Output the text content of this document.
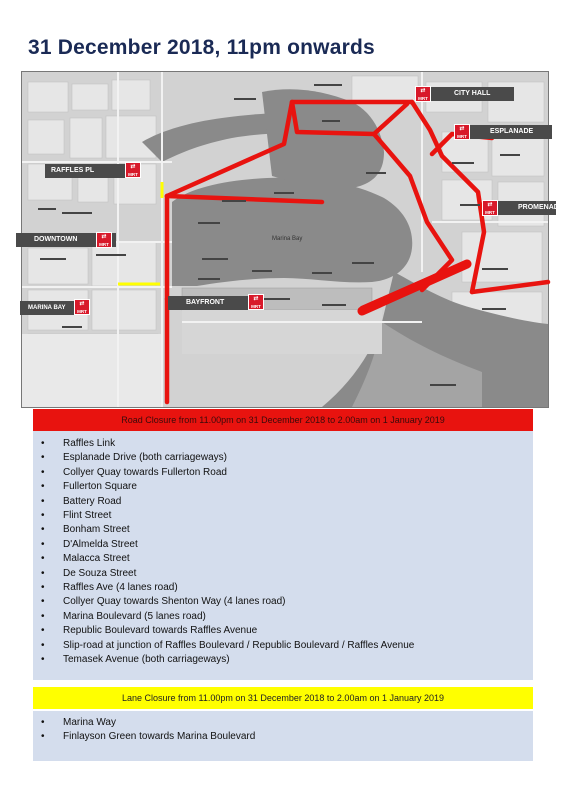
31 December 2018, 11pm onwards
Marina Bay
CITY HALL
⇄
MRT
ESPLANADE
⇄
MRT
RAFFLES PL	⇄
MRT
PROMENADE
⇄
MRT
DOWNTOWN	⇄
MRT
BAYFRONT	⇄
MRT
MARINA BAY
⇄
MRT
Road Closure from 11.00pm on 31 December 2018 to 2.00am on 1 January 2019
• Raffles Link
• Esplanade Drive (both carriageways)
• Collyer Quay towards Fullerton Road
• Fullerton Square
• Battery Road
• Flint Street
• Bonham Street
• D'Almelda Street
• Malacca Street
• De Souza Street
• Raffles Ave (4 lanes road)
• Collyer Quay towards Shenton Way (4 lanes road)
• Marina Boulevard (5 lanes road)
• Republic Boulevard towards Raffles Avenue
• Slip-road at junction of Raffles Boulevard / Republic Boulevard / Raffles Avenue
• Temasek Avenue (both carriageways)
Lane Closure from 11.00pm on 31 December 2018 to 2.00am on 1 January 2019
• Marina Way
• Finlayson Green towards Marina Boulevard
